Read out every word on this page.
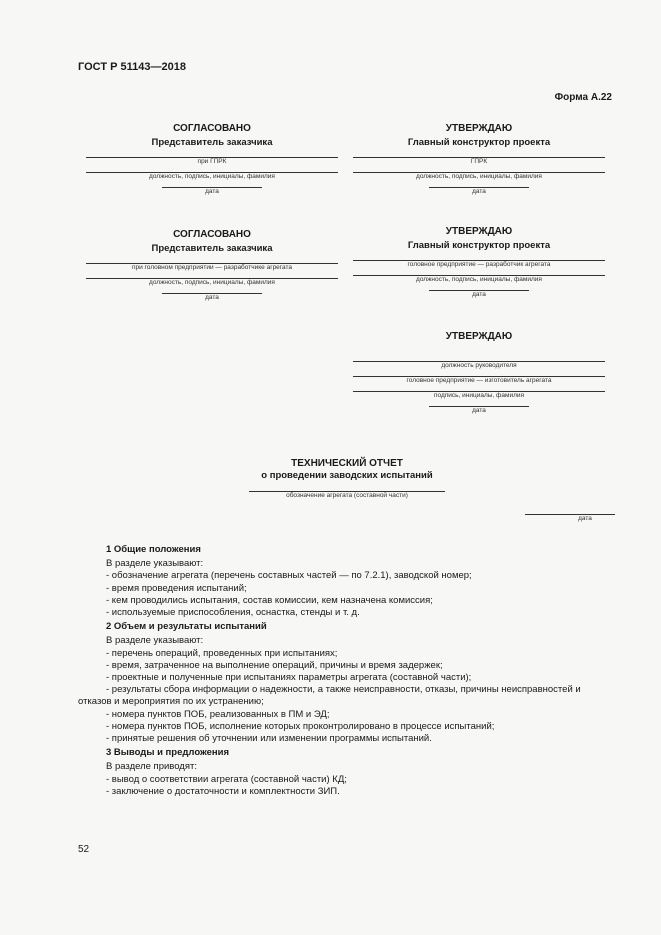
ГОСТ Р 51143—2018
Форма А.22
СОГЛАСОВАНО
Представитель заказчика
при ГПРК
должность, подпись, инициалы, фамилия
дата
УТВЕРЖДАЮ
Главный конструктор проекта
ГПРК
должность, подпись, инициалы, фамилия
дата
СОГЛАСОВАНО
Представитель заказчика
при головном предприятии — разработчике агрегата
должность, подпись, инициалы, фамилия
дата
УТВЕРЖДАЮ
Главный конструктор проекта
головное предприятие — разработчик агрегата
должность, подпись, инициалы, фамилия
дата
УТВЕРЖДАЮ
должность руководителя
головное предприятие — изготовитель агрегата
подпись, инициалы, фамилия
дата
ТЕХНИЧЕСКИЙ ОТЧЕТ
о проведении заводских испытаний
обозначение агрегата (составной части)
дата
1 Общие положения
В разделе указывают:
- обозначение агрегата (перечень составных частей — по 7.2.1), заводской номер;
- время проведения испытаний;
- кем проводились испытания, состав комиссии, кем назначена комиссия;
- используемые приспособления, оснастка, стенды и т. д.
2 Объем и результаты испытаний
В разделе указывают:
- перечень операций, проведенных при испытаниях;
- время, затраченное на выполнение операций, причины и время задержек;
- проектные и полученные при испытаниях параметры агрегата (составной части);
- результаты сбора информации о надежности, а также неисправности, отказы, причины неисправностей и
отказов и мероприятия по их устранению;
- номера пунктов ПОБ, реализованных в ПМ и ЭД;
- номера пунктов ПОБ, исполнение которых проконтролировано в процессе испытаний;
- принятые решения об уточнении или изменении программы испытаний.
3 Выводы и предложения
В разделе приводят:
- вывод о соответствии агрегата (составной части) КД;
- заключение о достаточности и комплектности ЗИП.
52
